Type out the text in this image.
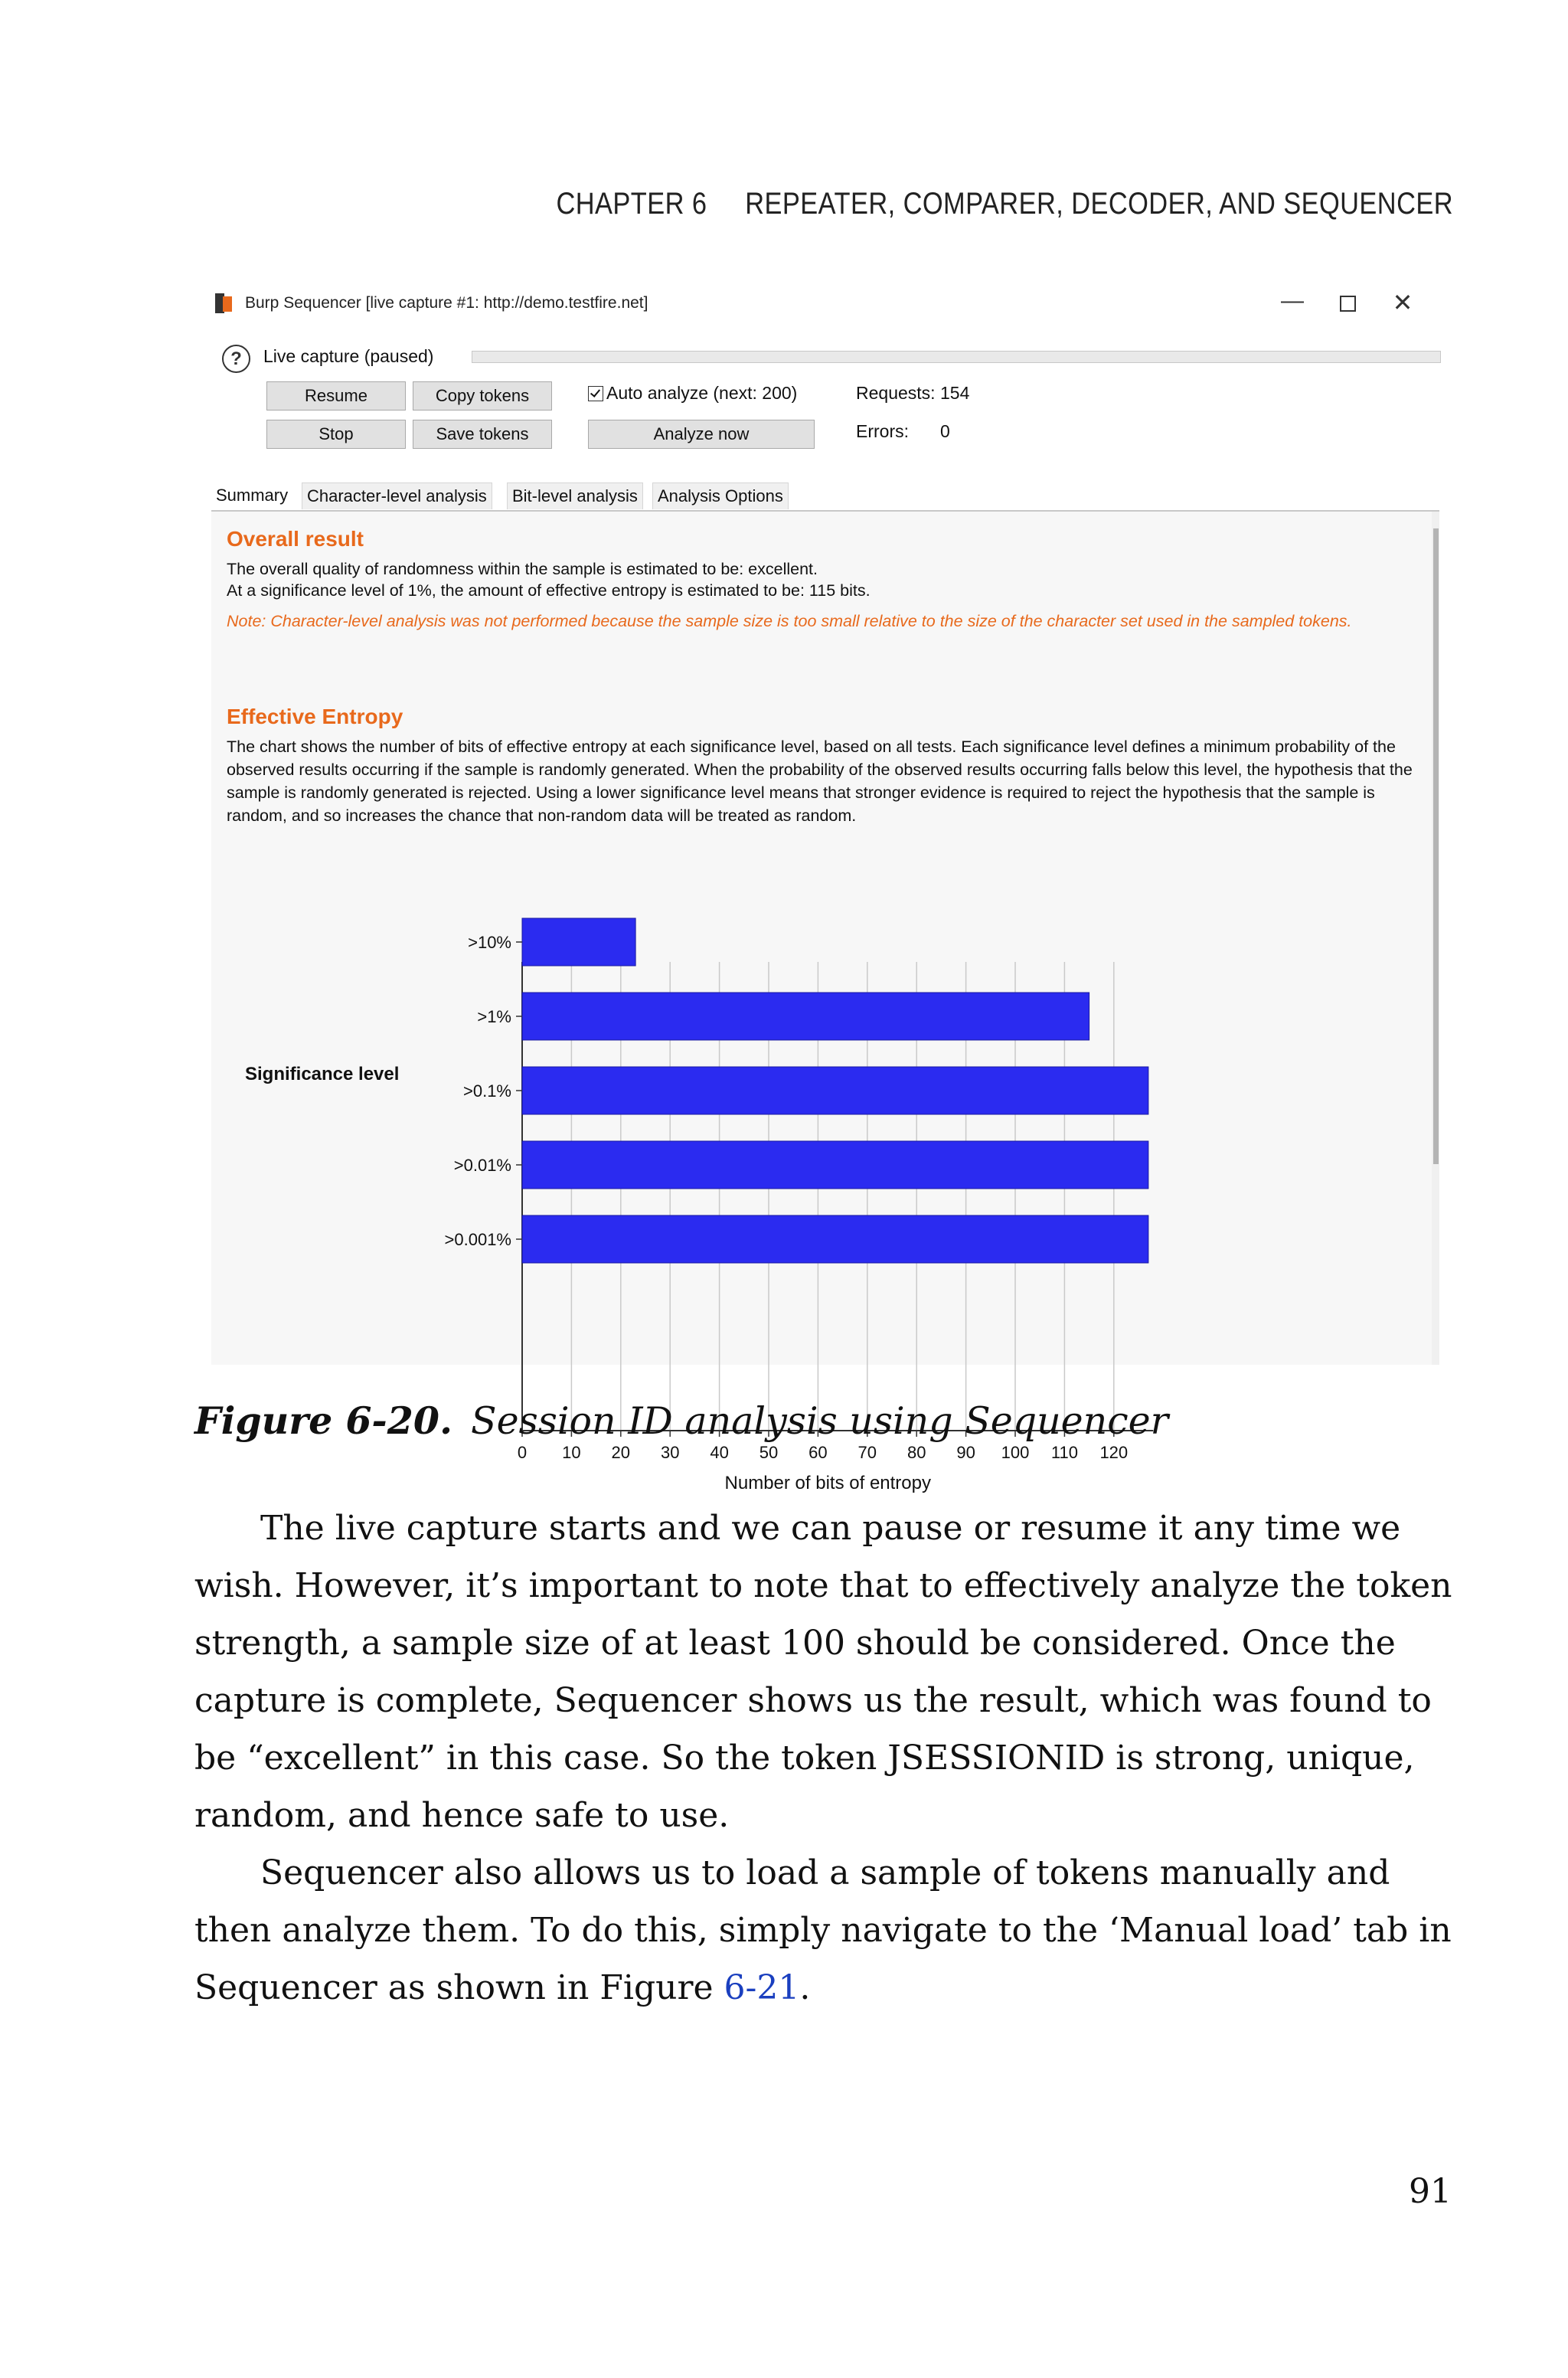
CHAPTER 6 REPEATER, COMPARER, DECODER, AND SEQUENCER
Burp Sequencer [live capture #1: http://demo.testfire.net]	—	✕
?	Live capture (paused)
Resume	Copy tokens
Stop	Save tokens	Analyze now
Auto analyze (next: 200)	Requests: 154
Errors: 0
Summary	Character-level analysis	Bit-level analysis	Analysis Options
Overall result
The overall quality of randomness within the sample is estimated to be: excellent.
At a significance level of 1%, the amount of effective entropy is estimated to be: 115 bits.
Note: Character-level analysis was not performed because the sample size is too small relative to the size of the character set used in the sampled tokens.
Effective Entropy
The chart shows the number of bits of effective entropy at each significance level, based on all tests. Each significance level defines a minimum probability of the observed results occurring if the sample is randomly generated. When the probability of the observed results occurring falls below this level, the hypothesis that the sample is randomly generated is rejected. Using a lower significance level means that stronger evidence is required to reject the hypothesis that the sample is random, and so increases the chance that non-random data will be treated as random.
>10%
>1%
>0.1%
>0.01%
>0.001%
0 10 20 30 40 50 60 70 80 90 100 110 120
Number of bits of entropy
Significance level
Figure 6-20. Session ID analysis using Sequencer

The live capture starts and we can pause or resume it any time we wish. However, it’s important to note that to effectively analyze the token strength, a sample size of at least 100 should be considered. Once the capture is complete, Sequencer shows us the result, which was found to be “excellent” in this case. So the token JSESSIONID is strong, unique, random, and hence safe to use.

Sequencer also allows us to load a sample of tokens manually and then analyze them. To do this, simply navigate to the ‘Manual load’ tab in Sequencer as shown in Figure 6-21.

91
